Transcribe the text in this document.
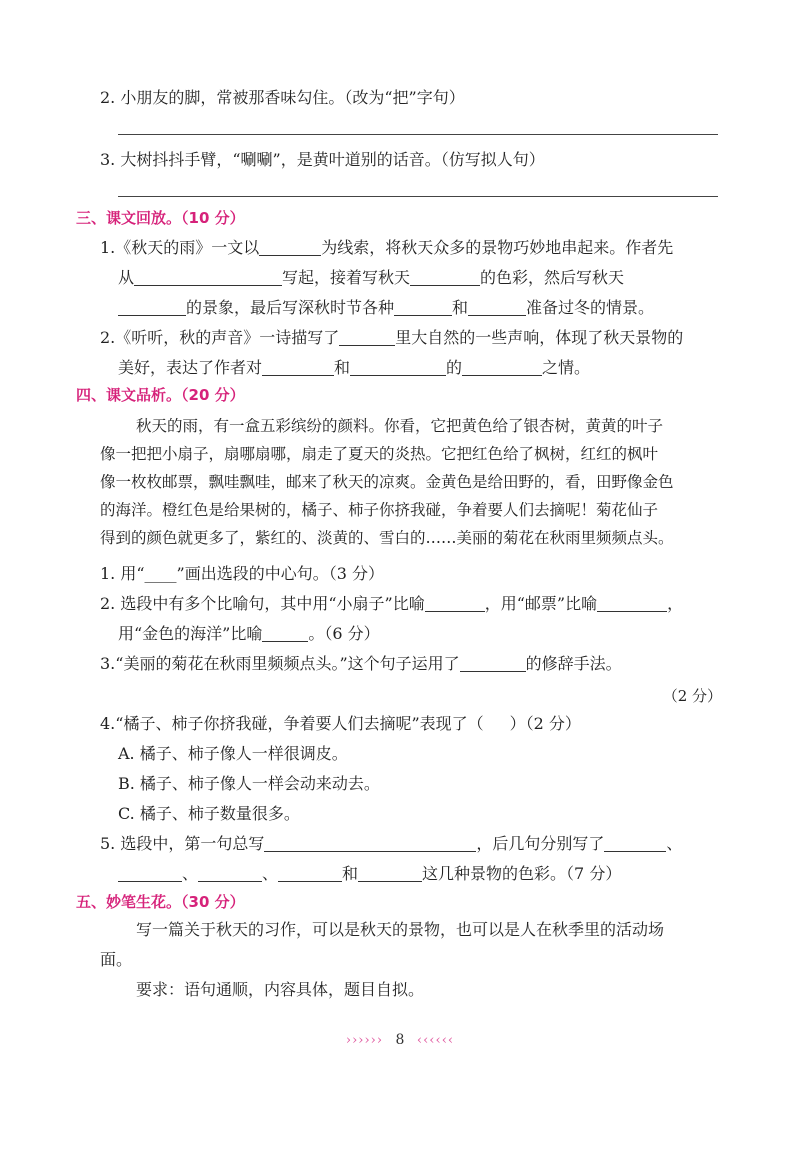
2. 小朋友的脚，常被那香味勾住。（改为“把”字句）
3. 大树抖抖手臂，“唰唰”，是黄叶道别的话音。（仿写拟人句）
三、课文回放。（10 分）
1.《秋天的雨》一文以	为线索，将秋天众多的景物巧妙地串起来。作者先
从	写起，接着写秋天	的色彩，然后写秋天
的景象，最后写深秋时节各种	和	准备过冬的情景。
2.《听听，秋的声音》一诗描写了	里大自然的一些声响，体现了秋天景物的
美好，表达了作者对	和	的	之情。
四、课文品析。（20 分）
秋天的雨，有一盒五彩缤纷的颜料。你看，它把黄色给了银杏树，黄黄的叶子
像一把把小扇子，扇哪扇哪，扇走了夏天的炎热。它把红色给了枫树，红红的枫叶
像一枚枚邮票，飘哇飘哇，邮来了秋天的凉爽。金黄色是给田野的，看，田野像金色
的海洋。橙红色是给果树的，橘子、柿子你挤我碰，争着要人们去摘呢！菊花仙子
得到的颜色就更多了，紫红的、淡黄的、雪白的……美丽的菊花在秋雨里频频点头。
1. 用“____”画出选段的中心句。（3 分）
2. 选段中有多个比喻句，其中用“小扇子”比喻	，用“邮票”比喻	，
用“金色的海洋”比喻	。（6 分）
3.“美丽的菊花在秋雨里频频点头。”这个句子运用了	的修辞手法。
（2 分）
4.“橘子、柿子你挤我碰，争着要人们去摘呢”表现了（ ）（2 分）
A. 橘子、柿子像人一样很调皮。
B. 橘子、柿子像人一样会动来动去。
C. 橘子、柿子数量很多。
5. 选段中，第一句总写	，后几句分别写了	、
、	、	和	这几种景物的色彩。（7 分）
五、妙笔生花。（30 分）
写一篇关于秋天的习作，可以是秋天的景物，也可以是人在秋季里的活动场
面。
要求：语句通顺，内容具体，题目自拟。
›››››› 8 ‹‹‹‹‹‹
